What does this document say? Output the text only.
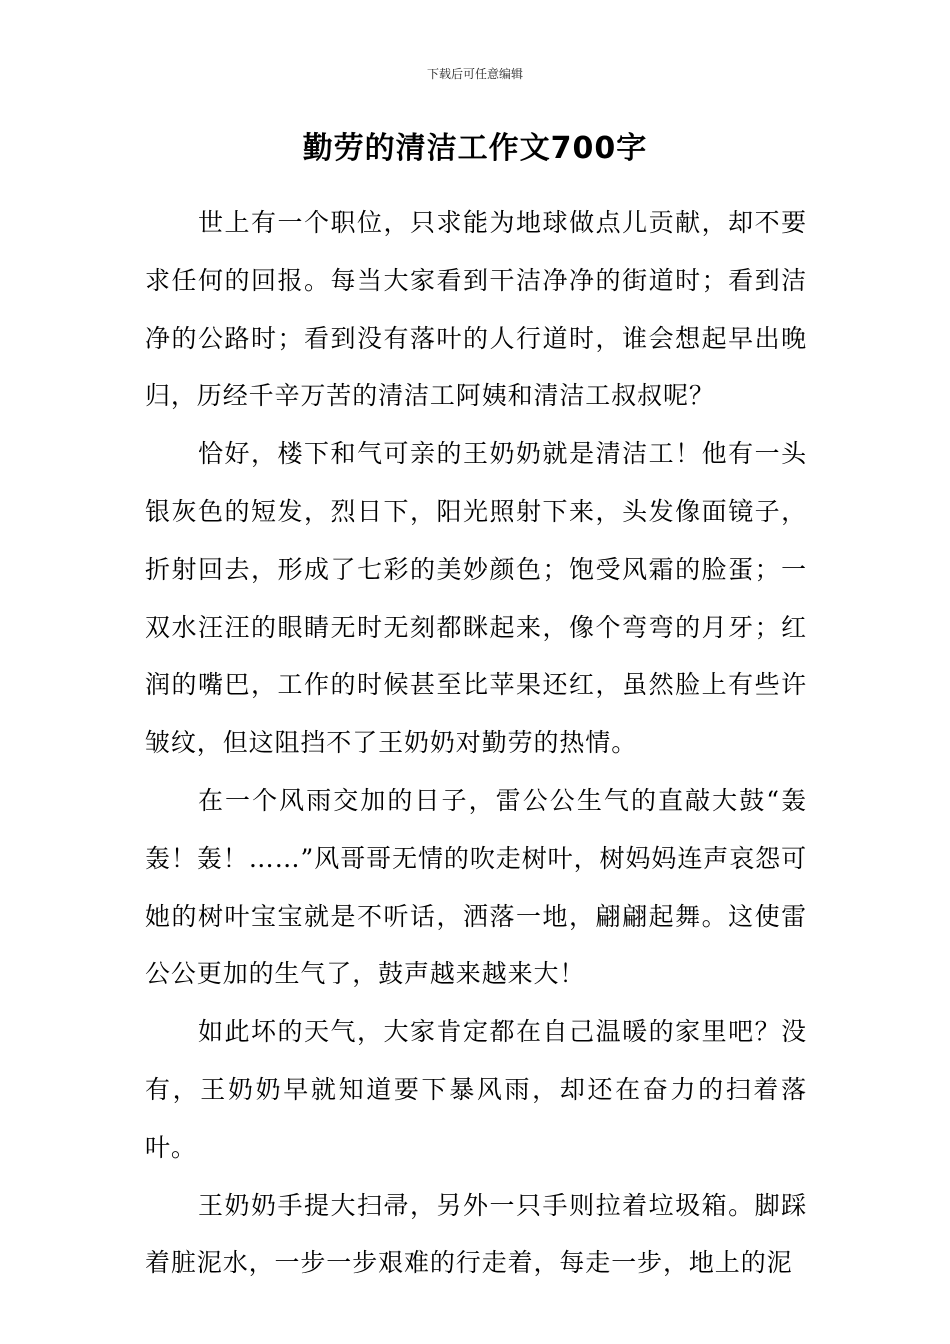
下载后可任意编辑
勤劳的清洁工作文700字

世上有一个职位，只求能为地球做点儿贡献，却不要求任何的回报。每当大家看到干洁净净的街道时；看到洁净的公路时；看到没有落叶的人行道时，谁会想起早出晚归，历经千辛万苦的清洁工阿姨和清洁工叔叔呢？

恰好，楼下和气可亲的王奶奶就是清洁工！他有一头银灰色的短发，烈日下，阳光照射下来，头发像面镜子，折射回去，形成了七彩的美妙颜色；饱受风霜的脸蛋；一双水汪汪的眼睛无时无刻都眯起来，像个弯弯的月牙；红润的嘴巴，工作的时候甚至比苹果还红，虽然脸上有些许皱纹，但这阻挡不了王奶奶对勤劳的热情。

在一个风雨交加的日子，雷公公生气的直敲大鼓“轰轰！轰！……”风哥哥无情的吹走树叶，树妈妈连声哀怨可她的树叶宝宝就是不听话，洒落一地，翩翩起舞。这使雷公公更加的生气了，鼓声越来越来大！

如此坏的天气，大家肯定都在自己温暖的家里吧？没有，王奶奶早就知道要下暴风雨，却还在奋力的扫着落叶。

王奶奶手提大扫帚，另外一只手则拉着垃圾箱。脚踩着脏泥水，一步一步艰难的行走着，每走一步，地上的泥
